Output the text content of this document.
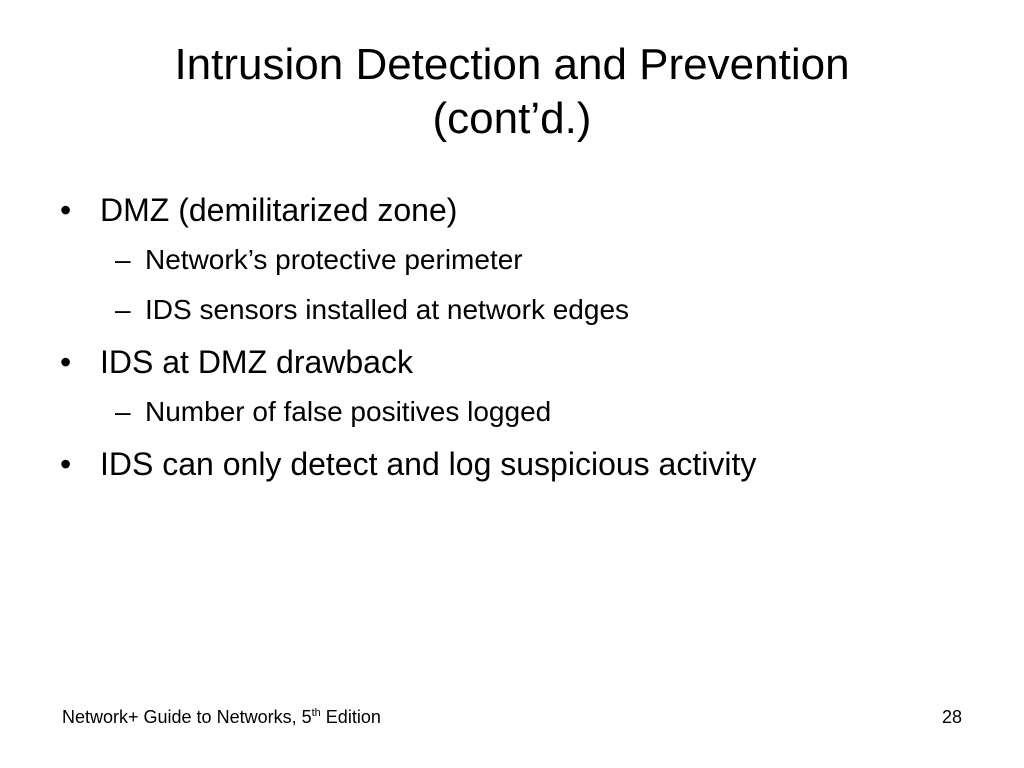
Intrusion Detection and Prevention
(cont’d.)
• DMZ (demilitarized zone)
– Network’s protective perimeter
– IDS sensors installed at network edges
• IDS at DMZ drawback
– Number of false positives logged
• IDS can only detect and log suspicious activity
Network+ Guide to Networks, 5th Edition	28
